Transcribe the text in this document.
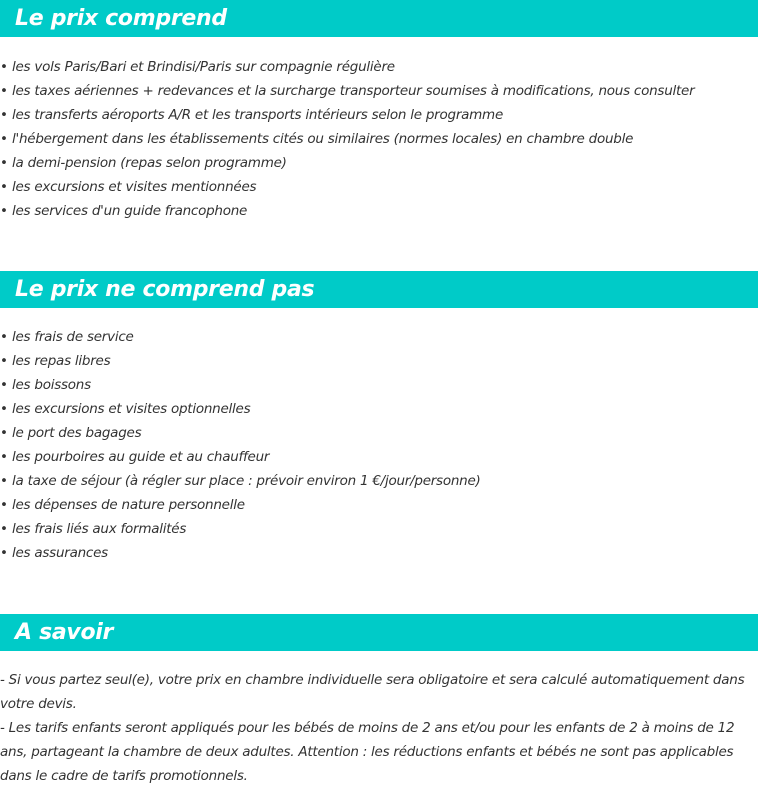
Le prix comprend
• les vols Paris/Bari et Brindisi/Paris sur compagnie régulière
• les taxes aériennes + redevances et la surcharge transporteur soumises à modifications, nous consulter
• les transferts aéroports A/R et les transports intérieurs selon le programme
• l'hébergement dans les établissements cités ou similaires (normes locales) en chambre double
• la demi-pension (repas selon programme)
• les excursions et visites mentionnées
• les services d'un guide francophone
Le prix ne comprend pas
• les frais de service
• les repas libres
• les boissons
• les excursions et visites optionnelles
• le port des bagages
• les pourboires au guide et au chauffeur
• la taxe de séjour (à régler sur place : prévoir environ 1 €/jour/personne)
• les dépenses de nature personnelle
• les frais liés aux formalités
• les assurances
A savoir

- Si vous partez seul(e), votre prix en chambre individuelle sera obligatoire et sera calculé automatiquement dans votre devis.

- Les tarifs enfants seront appliqués pour les bébés de moins de 2 ans et/ou pour les enfants de 2 à moins de 12 ans, partageant la chambre de deux adultes. Attention : les réductions enfants et bébés ne sont pas applicables dans le cadre de tarifs promotionnels.
